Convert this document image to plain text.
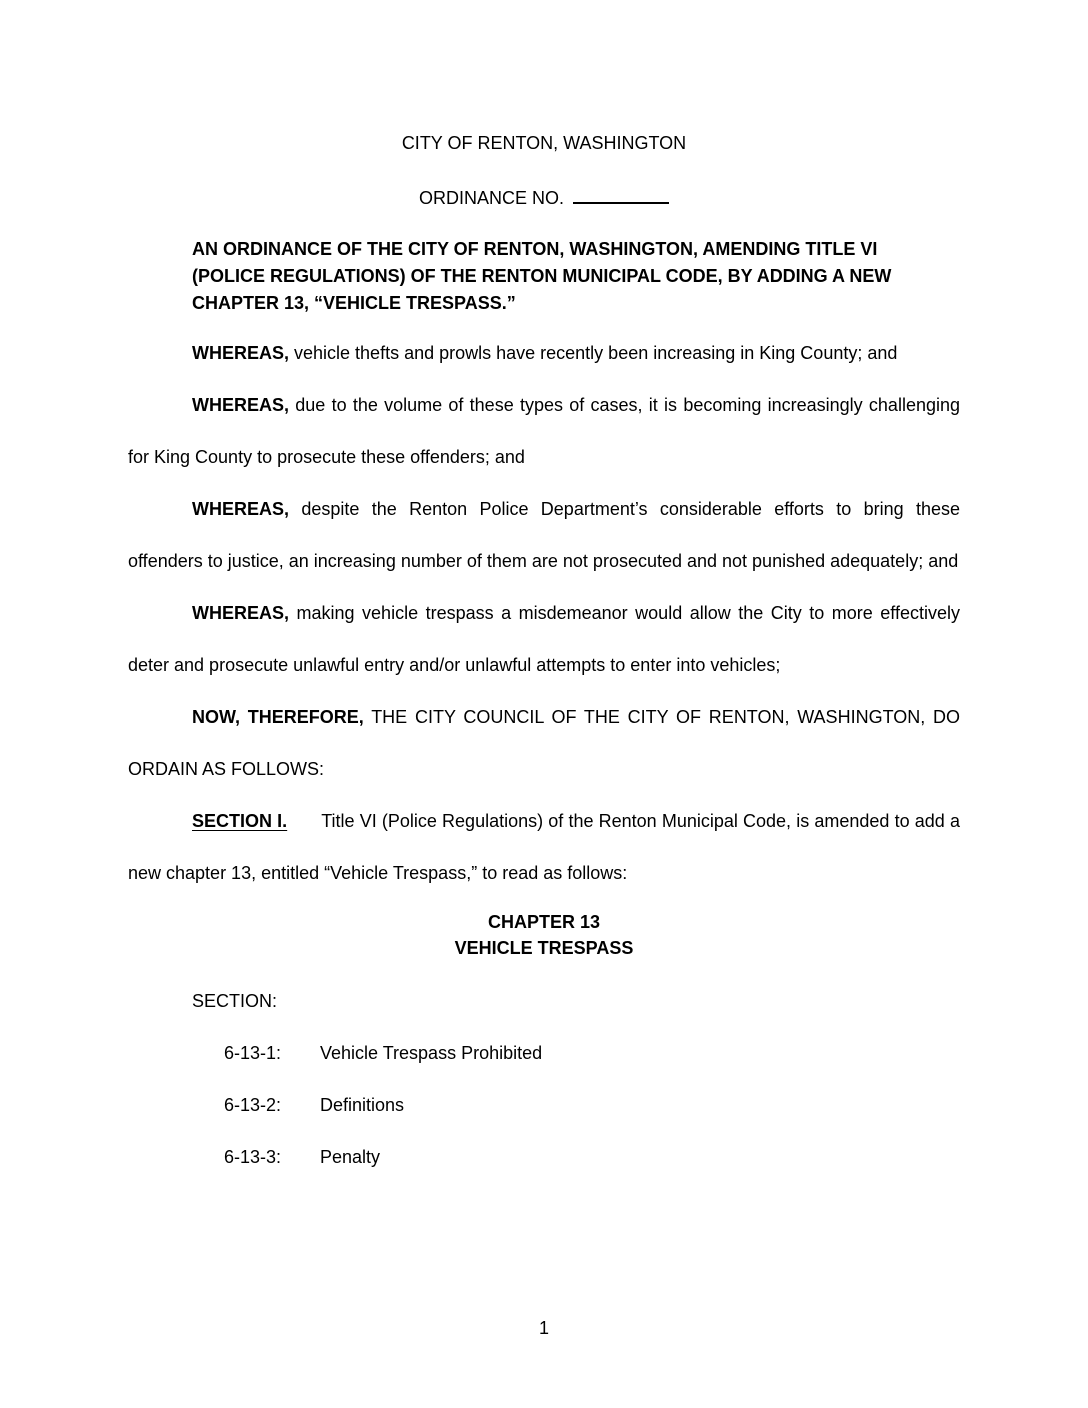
CITY OF RENTON, WASHINGTON
ORDINANCE NO.
AN ORDINANCE OF THE CITY OF RENTON, WASHINGTON, AMENDING TITLE VI
(POLICE REGULATIONS) OF THE RENTON MUNICIPAL CODE, BY ADDING A NEW
CHAPTER 13, “VEHICLE TRESPASS.”

WHEREAS, vehicle thefts and prowls have recently been increasing in King County; and

WHEREAS, due to the volume of these types of cases, it is becoming increasingly challenging for King County to prosecute these offenders; and

WHEREAS, despite the Renton Police Department’s considerable efforts to bring these offenders to justice, an increasing number of them are not prosecuted and not punished adequately; and

WHEREAS, making vehicle trespass a misdemeanor would allow the City to more effectively deter and prosecute unlawful entry and/or unlawful attempts to enter into vehicles;

NOW, THEREFORE, THE CITY COUNCIL OF THE CITY OF RENTON, WASHINGTON, DO ORDAIN AS FOLLOWS:

SECTION I. Title VI (Police Regulations) of the Renton Municipal Code, is amended to add a new chapter 13, entitled “Vehicle Trespass,” to read as follows:

CHAPTER 13
VEHICLE TRESPASS
SECTION:
6-13-1: Vehicle Trespass Prohibited
6-13-2: Definitions
6-13-3: Penalty
1
